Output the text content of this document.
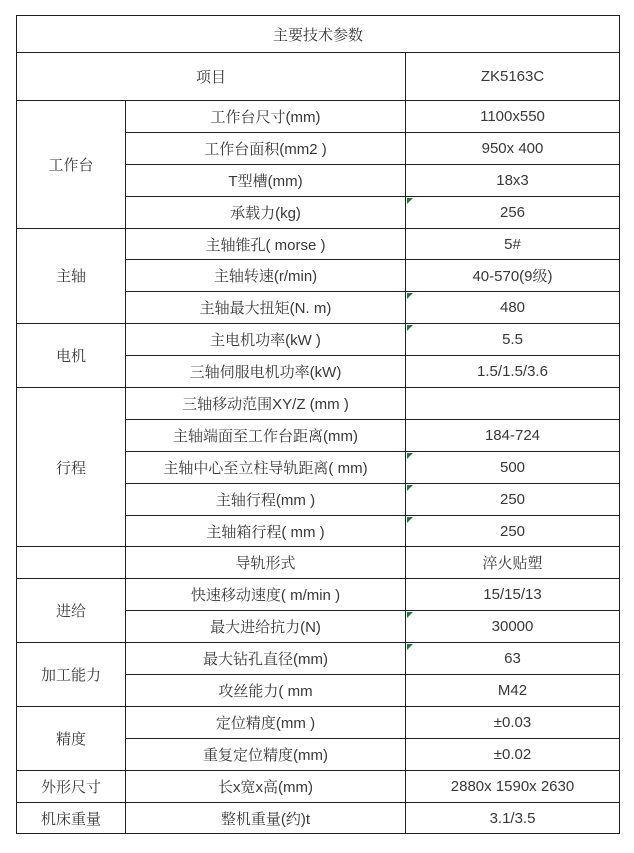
主要技术参数		
项目		ZK5163C
工作台	工作台尺寸(mm)	1100x550
	工作台面积(mm2 )	950x 400
	T型槽(mm)	18x3
	承载力(kg)	256
主轴	主轴锥孔( morse )	5#
	主轴转速(r/min)	40-570(9级)
	主轴最大扭矩(N. m)	480
电机	主电机功率(kW )	5.5
	三轴伺服电机功率(kW)	1.5/1.5/3.6
行程	三轴移动范围XY/Z (mm )	
	主轴端面至工作台距离(mm)	184-724
	主轴中心至立柱导轨距离( mm)	500
	主轴行程(mm )	250
	主轴箱行程( mm )	250
	导轨形式	淬火贴塑
进给	快速移动速度( m/min )	15/15/13
	最大进给抗力(N)	30000
加工能力	最大钻孔直径(mm)	63
	攻丝能力( mm	M42
精度	定位精度(mm )	±0.03
	重复定位精度(mm)	±0.02
外形尺寸	长x宽x高(mm)	2880x 1590x 2630
机床重量	整机重量(约)t	3.1/3.5
